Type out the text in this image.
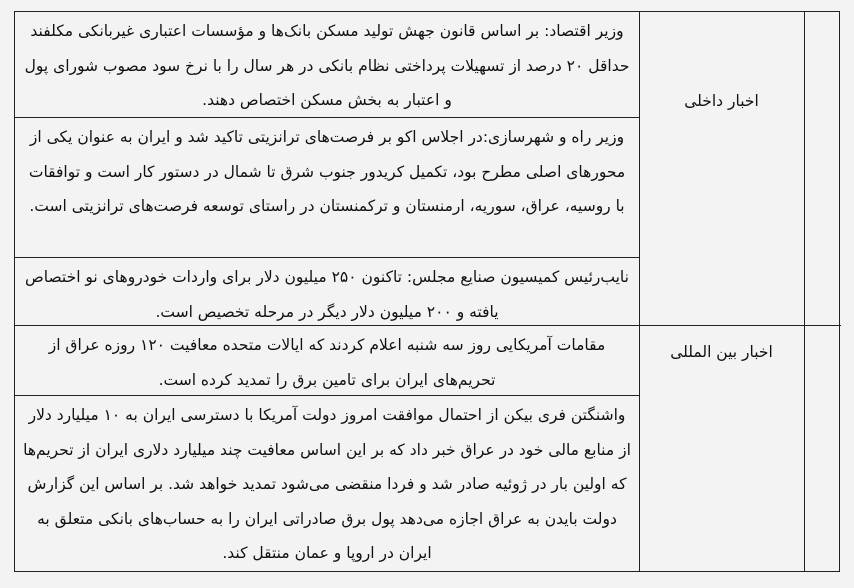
وزیر اقتصاد: بر اساس قانون جهش تولید مسکن بانک‌ها و مؤسسات اعتباری غیربانکی مکلفند حداقل ۲۰ درصد از تسهیلات پرداختی نظام بانکی در هر سال را با نرخ سود مصوب شورای پول و اعتبار به بخش مسکن اختصاص دهند.
وزیر راه و شهرسازی:در اجلاس اکو بر فرصت‌های ترانزیتی تاکید شد و ایران به عنوان یکی از محورهای اصلی مطرح بود، تکمیل کریدور جنوب شرق تا شمال در دستور کار است و توافقات با روسیه، عراق، سوریه، ارمنستان و ترکمنستان در راستای توسعه فرصت‌های ترانزیتی است.
نایب‌رئیس کمیسیون صنایع مجلس: تاکنون ۲۵۰ میلیون دلار برای واردات خودروهای نو اختصاص یافته و ۲۰۰ میلیون دلار دیگر در مرحله تخصیص است.
اخبار داخلی
مقامات آمریکایی روز سه شنبه اعلام کردند که ایالات متحده معافیت ۱۲۰ روزه عراق از تحریم‌های ایران برای تامین برق را تمدید کرده است.
واشنگتن فری بیکن از احتمال موافقت امروز دولت آمریکا با دسترسی ایران به ۱۰ میلیارد دلار از منابع مالی خود در عراق خبر داد که بر این اساس معافیت چند میلیارد دلاری ایران از تحریم‌ها که اولین بار در ژوئیه صادر شد و فردا منقضی می‌شود تمدید خواهد شد. بر اساس این گزارش دولت بایدن به عراق اجازه می‌دهد پول برق صادراتی ایران را به حساب‌های بانکی متعلق به ایران در اروپا و عمان منتقل کند.
اخبار بین المللی
